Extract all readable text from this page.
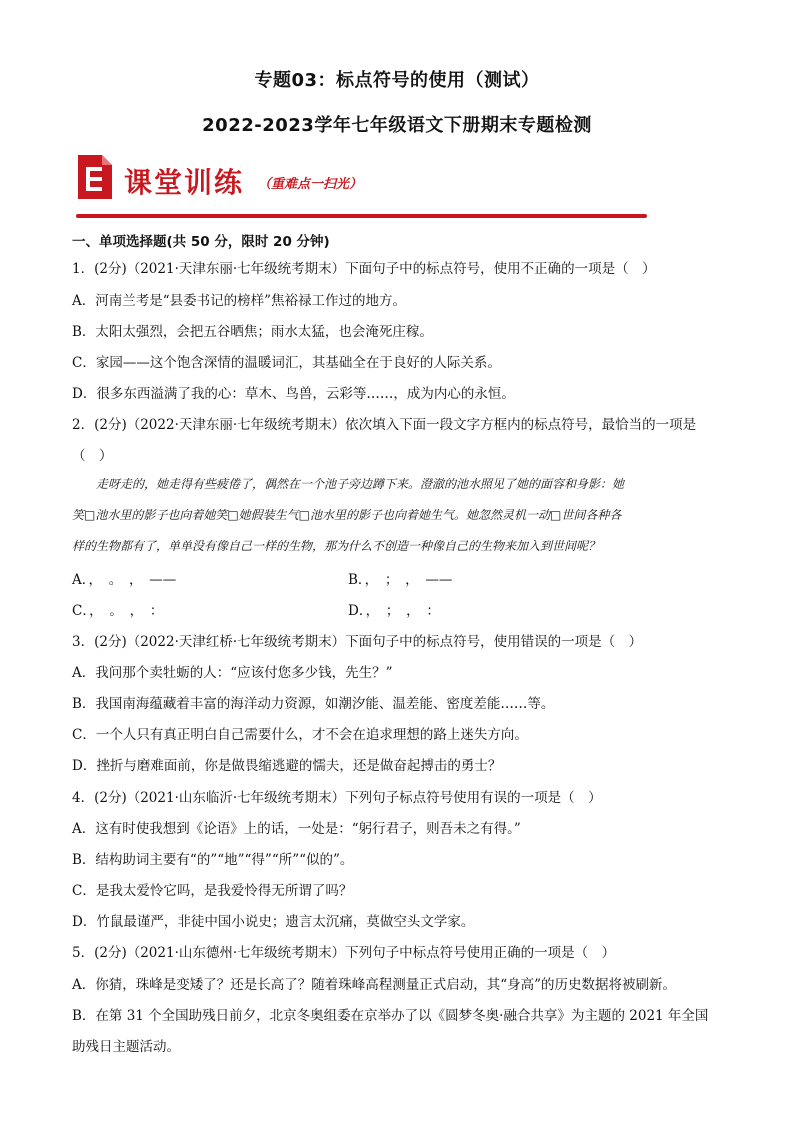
专题03：标点符号的使用（测试）
2022-2023学年七年级语文下册期末专题检测
课堂训练 （重难点一扫光）
一、单项选择题(共 50 分，限时 20 分钟)
1．(2分)（2021·天津东丽·七年级统考期末）下面句子中的标点符号，使用不正确的一项是（　）
A．河南兰考是“县委书记的榜样”焦裕禄工作过的地方。
B．太阳太强烈，会把五谷晒焦；雨水太猛，也会淹死庄稼。
C．家园——这个饱含深情的温暖词汇，其基础全在于良好的人际关系。
D．很多东西溢满了我的心：草木、鸟兽，云彩等……，成为内心的永恒。
2．(2分)（2022·天津东丽·七年级统考期末）依次填入下面一段文字方框内的标点符号，最恰当的一项是
（　）
走呀走的，她走得有些疲倦了，偶然在一个池子旁边蹲下来。澄澈的池水照见了她的面容和身影：她
笑□池水里的影子也向着她笑□她假装生气□池水里的影子也向着她生气。她忽然灵机一动□世间各种各
样的生物都有了，单单没有像自己一样的生物，那为什么不创造一种像自己的生物来加入到世间呢？
A．，　。　，　——	B．，　；　，　——
C．，　。　，　：	D．，　；　，　：
3．(2分)（2022·天津红桥·七年级统考期末）下面句子中的标点符号，使用错误的一项是（　）
A．我问那个卖牡蛎的人：“应该付您多少钱，先生？”
B．我国南海蕴藏着丰富的海洋动力资源，如潮汐能、温差能、密度差能……等。
C．一个人只有真正明白自己需要什么，才不会在追求理想的路上迷失方向。
D．挫折与磨难面前，你是做畏缩逃避的懦夫，还是做奋起搏击的勇士？
4．(2分)（2021·山东临沂·七年级统考期末）下列句子标点符号使用有误的一项是（　）
A．这有时使我想到《论语》上的话，一处是：“躬行君子，则吾未之有得。”
B．结构助词主要有“的”“地”“得”“所”“似的”。
C．是我太爱怜它吗，是我爱怜得无所谓了吗？
D．竹鼠最谨严，非徒中国小说史；遗言太沉痛，莫做空头文学家。
5．(2分)（2021·山东德州·七年级统考期末）下列句子中标点符号使用正确的一项是（　）
A．你猜，珠峰是变矮了？还是长高了？随着珠峰高程测量正式启动，其“身高”的历史数据将被刷新。
B．在第 31 个全国助残日前夕，北京冬奥组委在京举办了以《圆梦冬奥·融合共享》为主题的 2021 年全国
助残日主题活动。
